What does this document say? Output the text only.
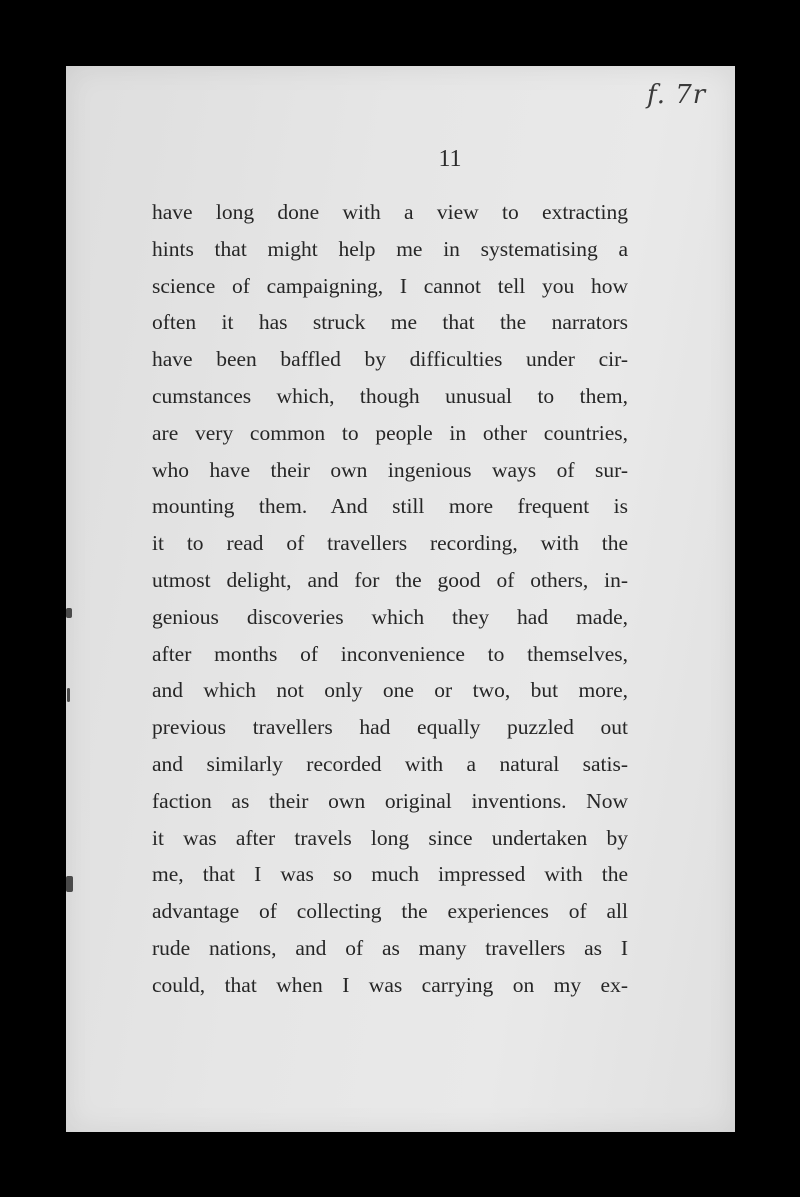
f. 7r
11
have long done with a view to extracting
hints that might help me in systematising a
science of campaigning, I cannot tell you how
often it has struck me that the narrators
have been baffled by difficulties under cir-
cumstances which, though unusual to them,
are very common to people in other countries,
who have their own ingenious ways of sur-
mounting them. And still more frequent is
it to read of travellers recording, with the
utmost delight, and for the good of others, in-
genious discoveries which they had made,
after months of inconvenience to themselves,
and which not only one or two, but more,
previous travellers had equally puzzled out
and similarly recorded with a natural satis-
faction as their own original inventions. Now
it was after travels long since undertaken by
me, that I was so much impressed with the
advantage of collecting the experiences of all
rude nations, and of as many travellers as I
could, that when I was carrying on my ex-
